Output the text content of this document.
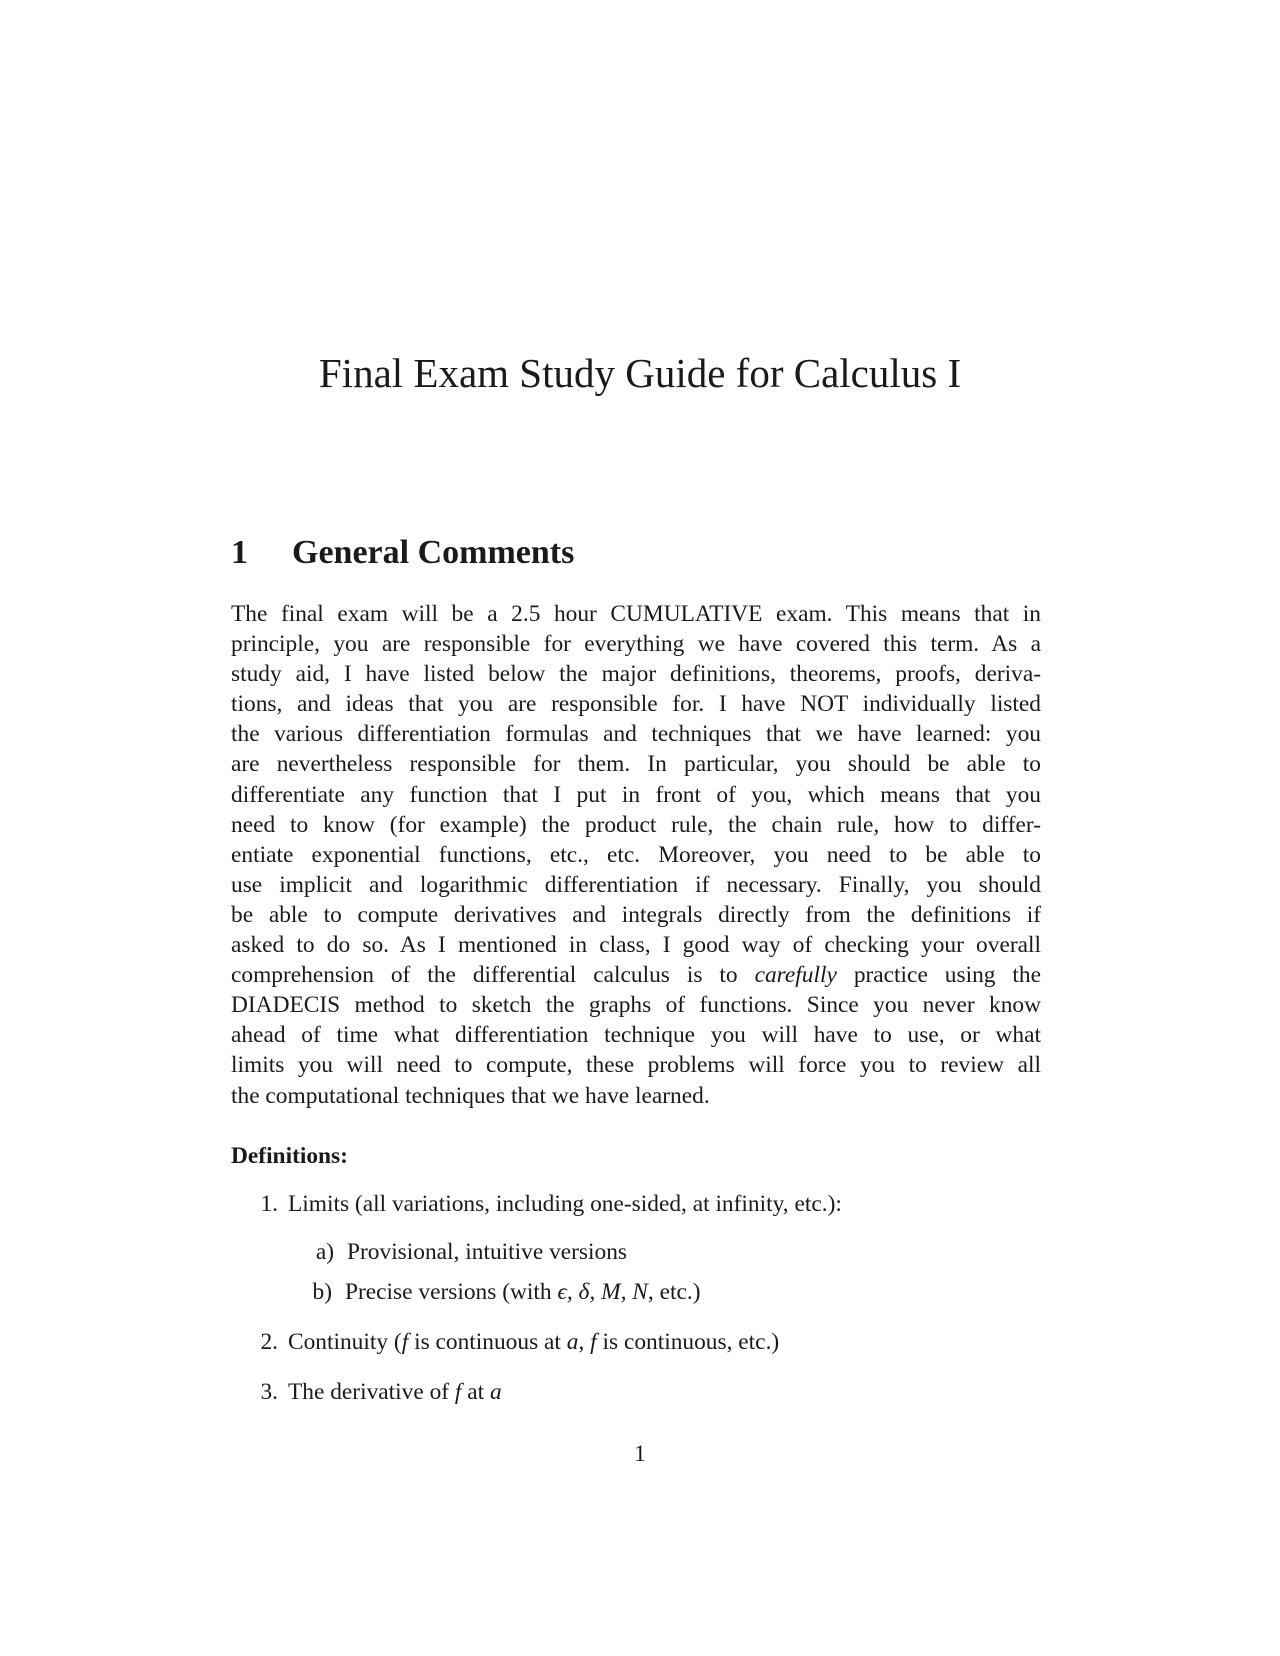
Final Exam Study Guide for Calculus I
1 General Comments
The final exam will be a 2.5 hour CUMULATIVE exam. This means that in
principle, you are responsible for everything we have covered this term. As a
study aid, I have listed below the major definitions, theorems, proofs, deriva-
tions, and ideas that you are responsible for. I have NOT individually listed
the various differentiation formulas and techniques that we have learned: you
are nevertheless responsible for them. In particular, you should be able to
differentiate any function that I put in front of you, which means that you
need to know (for example) the product rule, the chain rule, how to differ-
entiate exponential functions, etc., etc. Moreover, you need to be able to
use implicit and logarithmic differentiation if necessary. Finally, you should
be able to compute derivatives and integrals directly from the definitions if
asked to do so. As I mentioned in class, I good way of checking your overall
comprehension of the differential calculus is to carefully practice using the
DIADECIS method to sketch the graphs of functions. Since you never know
ahead of time what differentiation technique you will have to use, or what
limits you will need to compute, these problems will force you to review all
the computational techniques that we have learned.
Definitions:
1. Limits (all variations, including one-sided, at infinity, etc.):
a) Provisional, intuitive versions
b) Precise versions (with ϵ, δ, M, N, etc.)
2. Continuity (f is continuous at a, f is continuous, etc.)
3. The derivative of f at a
1
